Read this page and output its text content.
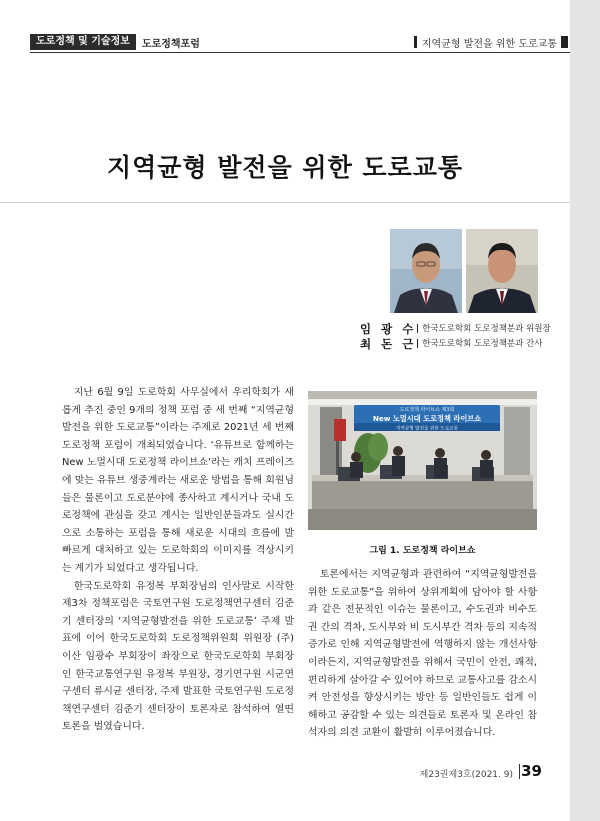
도로정책 및 기술정보	도로정책포럼	지역균형 발전을 위한 도로교통
지역균형 발전을 위한 도로교통
임 광 수 | 한국도로학회 도로정책분과 위원장
최 돈 근 | 한국도로학회 도로정책분과 간사

지난 6월 9일 도로학회 사무실에서 우리학회가 새롭게 추진 중인 9개의 정책 포럼 중 세 번째 “지역균형 발전을 위한 도로교통”이라는 주제로 2021년 세 번째 도로정책 포럼이 개최되었습니다. ‘유튜브로 함께하는 New 노멀시대 도로정책 라이브쇼’라는 캐치 프레이즈에 맞는 유튜브 생중계라는 새로운 방법을 통해 회원님들은 물론이고 도로분야에 종사하고 계시거나 국내 도로정책에 관심을 갖고 계시는 일반인분들과도 실시간으로 소통하는 포럼을 통해 새로운 시대의 흐름에 발 빠르게 대처하고 있는 도로학회의 이미지를 격상시키는 계기가 되었다고 생각됩니다.

한국도로학회 유정복 부회장님의 인사말로 시작한 제3차 정책포럼은 국토연구원 도로정책연구센터 김준기 센터장의 ‘지역균형발전을 위한 도로교통’ 주제 발표에 이어 한국도로학회 도로정책위원회 위원장 (주)이산 임광수 부회장이 좌장으로 한국도로학회 부회장인 한국교통연구원 유정복 부원장, 경기연구원 시군연구센터 류시균 센터장, 주제 발표한 국토연구원 도로정책연구센터 김준기 센터장이 토론자로 참석하여 열띤 토론을 벌였습니다.

도로정책 라이브쇼 제3회
New 노멀시대 도로정책 라이브쇼
지역균형 발전을 위한 도로교통
그림 1. 도로정책 라이브쇼

토론에서는 지역균형과 관련하여 “지역균형발전을 위한 도로교통”을 위하여 상위계획에 담아야 할 사항과 같은 전문적인 이슈는 물론이고, 수도권과 비수도권 간의 격차, 도시부와 비 도시부간 격차 등의 지속적 증가로 인해 지역균형발전에 역행하지 않는 개선사항이라든지, 지역균형발전을 위해서 국민이 안전, 쾌적, 편리하게 살아갈 수 있어야 하므로 교통사고를 감소시켜 안전성을 향상시키는 방안 등 일반인들도 쉽게 이해하고 공감할 수 있는 의견들로 토론자 및 온라인 참석자의 의견 교환이 활발히 이루어졌습니다.

제23권제3호(2021. 9) 39
